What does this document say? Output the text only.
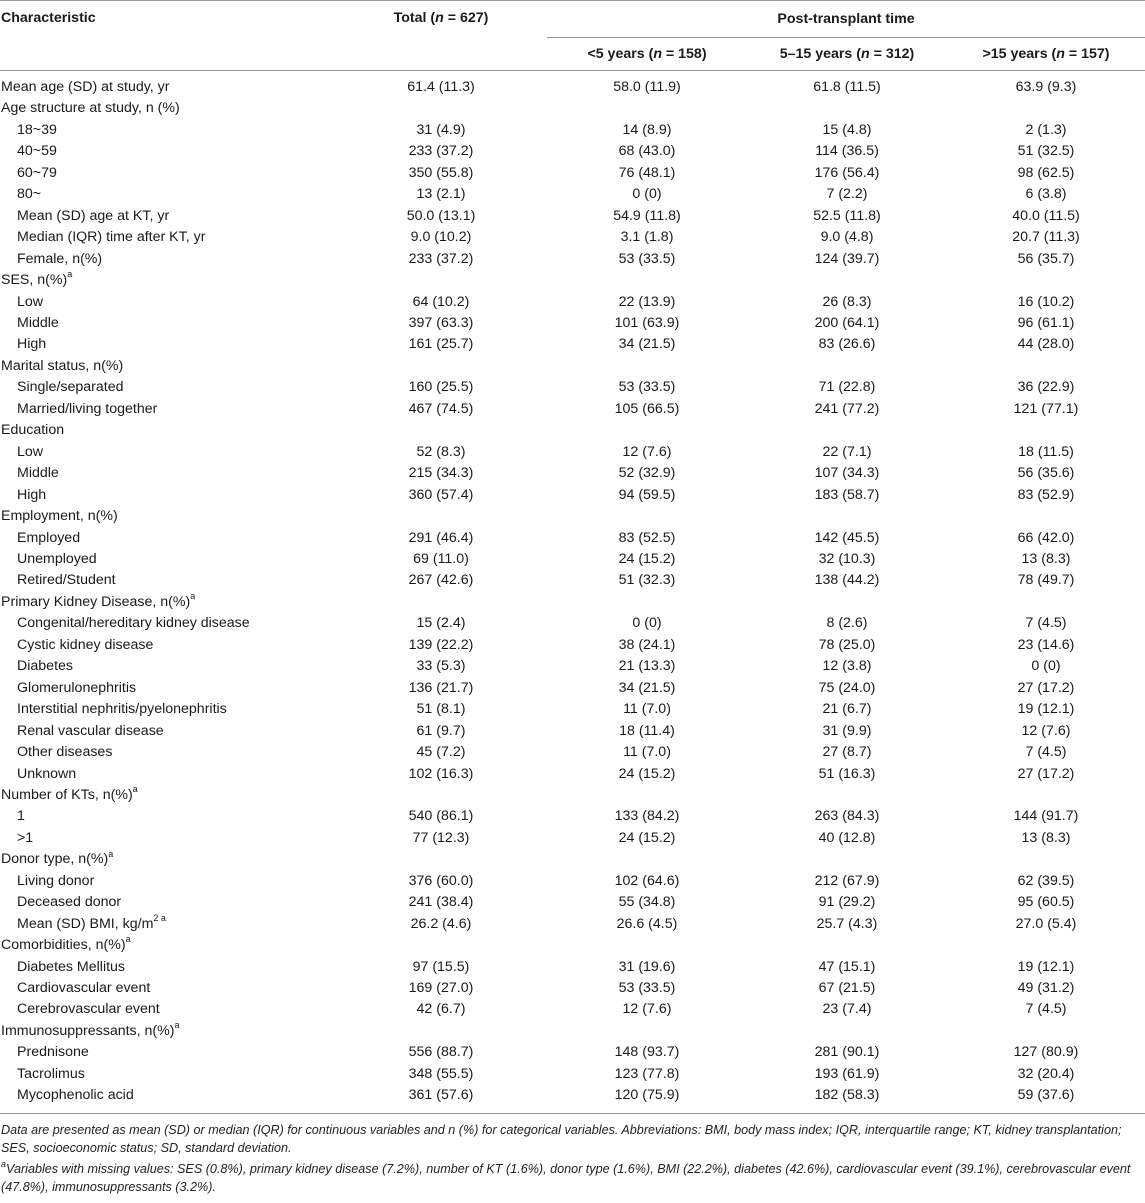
Characteristic	Total (n = 627)	Post-transplant time		
		<5 years (n = 158)	5–15 years (n = 312)	>15 years (n = 157)
Mean age (SD) at study, yr	61.4 (11.3)	58.0 (11.9)	61.8 (11.5)	63.9 (9.3)
Age structure at study, n (%)				
18~39	31 (4.9)	14 (8.9)	15 (4.8)	2 (1.3)
40~59	233 (37.2)	68 (43.0)	114 (36.5)	51 (32.5)
60~79	350 (55.8)	76 (48.1)	176 (56.4)	98 (62.5)
80~	13 (2.1)	0 (0)	7 (2.2)	6 (3.8)
Mean (SD) age at KT, yr	50.0 (13.1)	54.9 (11.8)	52.5 (11.8)	40.0 (11.5)
Median (IQR) time after KT, yr	9.0 (10.2)	3.1 (1.8)	9.0 (4.8)	20.7 (11.3)
Female, n(%)	233 (37.2)	53 (33.5)	124 (39.7)	56 (35.7)
SES, n(%)$^a$				
Low	64 (10.2)	22 (13.9)	26 (8.3)	16 (10.2)
Middle	397 (63.3)	101 (63.9)	200 (64.1)	96 (61.1)
High	161 (25.7)	34 (21.5)	83 (26.6)	44 (28.0)
Marital status, n(%)				
Single/separated	160 (25.5)	53 (33.5)	71 (22.8)	36 (22.9)
Married/living together	467 (74.5)	105 (66.5)	241 (77.2)	121 (77.1)
Education				
Low	52 (8.3)	12 (7.6)	22 (7.1)	18 (11.5)
Middle	215 (34.3)	52 (32.9)	107 (34.3)	56 (35.6)
High	360 (57.4)	94 (59.5)	183 (58.7)	83 (52.9)
Employment, n(%)				
Employed	291 (46.4)	83 (52.5)	142 (45.5)	66 (42.0)
Unemployed	69 (11.0)	24 (15.2)	32 (10.3)	13 (8.3)
Retired/Student	267 (42.6)	51 (32.3)	138 (44.2)	78 (49.7)
Primary Kidney Disease, n(%)$^a$				
Congenital/hereditary kidney disease	15 (2.4)	0 (0)	8 (2.6)	7 (4.5)
Cystic kidney disease	139 (22.2)	38 (24.1)	78 (25.0)	23 (14.6)
Diabetes	33 (5.3)	21 (13.3)	12 (3.8)	0 (0)
Glomerulonephritis	136 (21.7)	34 (21.5)	75 (24.0)	27 (17.2)
Interstitial nephritis/pyelonephritis	51 (8.1)	11 (7.0)	21 (6.7)	19 (12.1)
Renal vascular disease	61 (9.7)	18 (11.4)	31 (9.9)	12 (7.6)
Other diseases	45 (7.2)	11 (7.0)	27 (8.7)	7 (4.5)
Unknown	102 (16.3)	24 (15.2)	51 (16.3)	27 (17.2)
Number of KTs, n(%)$^a$				
1	540 (86.1)	133 (84.2)	263 (84.3)	144 (91.7)
>1	77 (12.3)	24 (15.2)	40 (12.8)	13 (8.3)
Donor type, n(%)$^a$				
Living donor	376 (60.0)	102 (64.6)	212 (67.9)	62 (39.5)
Deceased donor	241 (38.4)	55 (34.8)	91 (29.2)	95 (60.5)
Mean (SD) BMI, $kg/m^{2 a}$	26.2 (4.6)	26.6 (4.5)	25.7 (4.3)	27.0 (5.4)
Comorbidities, n(%)$^a$				
Diabetes Mellitus	97 (15.5)	31 (19.6)	47 (15.1)	19 (12.1)
Cardiovascular event	169 (27.0)	53 (33.5)	67 (21.5)	49 (31.2)
Cerebrovascular event	42 (6.7)	12 (7.6)	23 (7.4)	7 (4.5)
Immunosuppressants, n(%)$^a$				
Prednisone	556 (88.7)	148 (93.7)	281 (90.1)	127 (80.9)
Tacrolimus	348 (55.5)	123 (77.8)	193 (61.9)	32 (20.4)
Mycophenolic acid	361 (57.6)	120 (75.9)	182 (58.3)	59 (37.6)

Data are presented as mean (SD) or median (IQR) for continuous variables and n (%) for categorical variables. Abbreviations: BMI, body mass index; IQR, interquartile range; KT, kidney transplantation; SES, socioeconomic status; SD, standard deviation.

$^a$Variables with missing values: SES (0.8%), primary kidney disease (7.2%), number of KT (1.6%), donor type (1.6%), BMI (22.2%), diabetes (42.6%), cardiovascular event (39.1%), cerebrovascular event (47.8%), immunosuppressants (3.2%).
